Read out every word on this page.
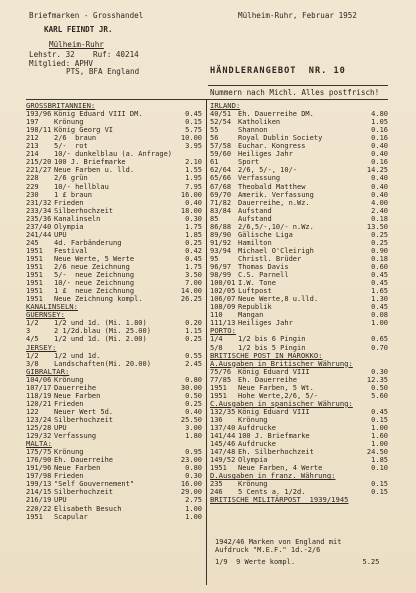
Briefmarken - Grosshandel	Mülheim-Ruhr, Februar 1952
KARL FEINDT JR.
Mülheim-Ruhr
Lehstr. 32    Ruf: 40214
Mitglied: APHV
PTS, BFA England	HÄNDLERANGEBOT  NR. 10
Nummern nach Michl. Alles postfrisch!
GROSSBRITANNIEN:
193/96 König Eduard VIII DM.	0.45
197	Krönung	0.15
198/11 König Georg VI	5.75
212	2/6  braun	10.00
213	5/-  rot	3.95
214	10/- dunkelblau (a. Anfrage)
215/20 100 J. Briefmarke	2.10
221/27 Neue Farben u. lld.	1.55
228	2/6 grün	1.95
229	10/- hellblau	7.95
230	1 £ braun	16.00
231/32 Frieden	0.40
233/34 Silberhochzeit	18.00
235/36 Kanalinseln	0.30
237/40 Olympia	1.75
241/44 UPU	1.85
245	4d. Farbänderung	0.25
1951	Festival	0.42
1951	Neue Werte, 5 Werte	0.45
1951	2/6 neue Zeichnung	1.75
1951	5/-  neue Zeichnung	3.50
1951	10/- neue Zeichnung	7.00
1951	1 £  neue Zeichnung	14.00
1951	Neue Zeichnung kompl.	26.25
KANALINSELN:
GUERNSEY:
1/2	1/2 und 1d. (Mi. 1.80)	0.20
3	2 1/2d.blau (Mi. 25.00)	1.15
4/5	1/2 und 1d. (Mi. 2.00)	0.25
JERSEY:
1/2	1/2 und 1d.	0.55
3/8	Landschaften(Mi. 20.00)	2.45
GIBRALTAR:
104/06 Krönung	0.80
107/17 Dauerreihe	30.00
118/19 Neue Farben	0.50
120/21 Frieden	0.25
122	Neuer Wert 5d.	0.40
123/24 Silberhochzeit	25.50
125/28 UPU	3.00
129/32 Verfassung	1.80
MALTA:
175/75 Krönung	0.95
176/90 Eh. Dauerreihe	23.00
191/96 Neue Farben	0.80
197/98 Frieden	0.30
199/13 "Self Gouvernement"	16.00
214/15 Silberhochzeit	29.00
216/19 UPU	2.75
220/22 Elisabeth Besuch	1.00
1951	Scapular	1.00
IRLAND:
40/51 Eh. Dauerreihe DM.	4.80
52/54 Katholiken	1.05
55	Shannon	0.16
56	Royal Dublin Society	0.16
57/58 Euchar. Kongress	0.40
59/60 Heiliges Jahr	0.40
61	Sport	0.16
62/64 2/6, 5/-, 10/-	14.25
65/66 Verfassung	0.40
67/68 Theobald Matthew	0.40
69/70 Amerik. Verfassung	0.40
71/82 Dauerreihe, n.Wz.	4.00
83/84 Aufstand	2.40
85	Aufstand	0.18
86/88 2/6,5/-,10/- n.Wz.	13.50
89/90 Gälische Liga	0.25
91/92 Hamilton	0.25
93/94 Michael O'Cleirigh	0.90
95	Christl. Brüder	0.18
96/97 Thomas Davis	0.60
98/99 C.S. Parnell	0.45
100/01 I.W. Tone	0.45
102/05 Luftpost	1.65
106/07 Neue Werte,8 u.lld.	1.30
108/09 Republik	0.45
110	Mangan	0.08
111/13 Heiliges Jahr	1.00
PORTO:
1/4	1/2 bis 6 Pingin	0.65
5/8	1/2 bis 5 Pingin	0.70
BRITISCHE POST IN MAROKKO:
A.Ausgaben in Britischer Währung:
75/76 König Eduard VIII	0.30
77/85 Eh. Dauerreihe	12.35
1951	Neue Farben, 5 Wt.	0.50
1951	Hohe Werte,2/6, 5/-	5.60
C.Ausgaben in spanischer Währung:
132/35 König Eduard VIII	0.45
136	Krönung	0.15
137/40 Aufdrucke	1.00
141/44 100 J. Briefmarke	1.60
145/46 Aufdrucke	1.00
147/48 Eh. Silberhochzeit	24.50
149/52 Olympia	1.85
1951	Neue Farben, 4 Werte	0.10
D.Ausgaben in franz. Währung:
235	Krönung	0.15
246	5 Cents a. 1/2d.	0.15
BRITISCHE MILITÄRPOST  1939/1945
1942/46 Marken von England mit
Aufdruck "M.E.F." 1d.-2/6
1/9  9 Werte kompl.                5.25
